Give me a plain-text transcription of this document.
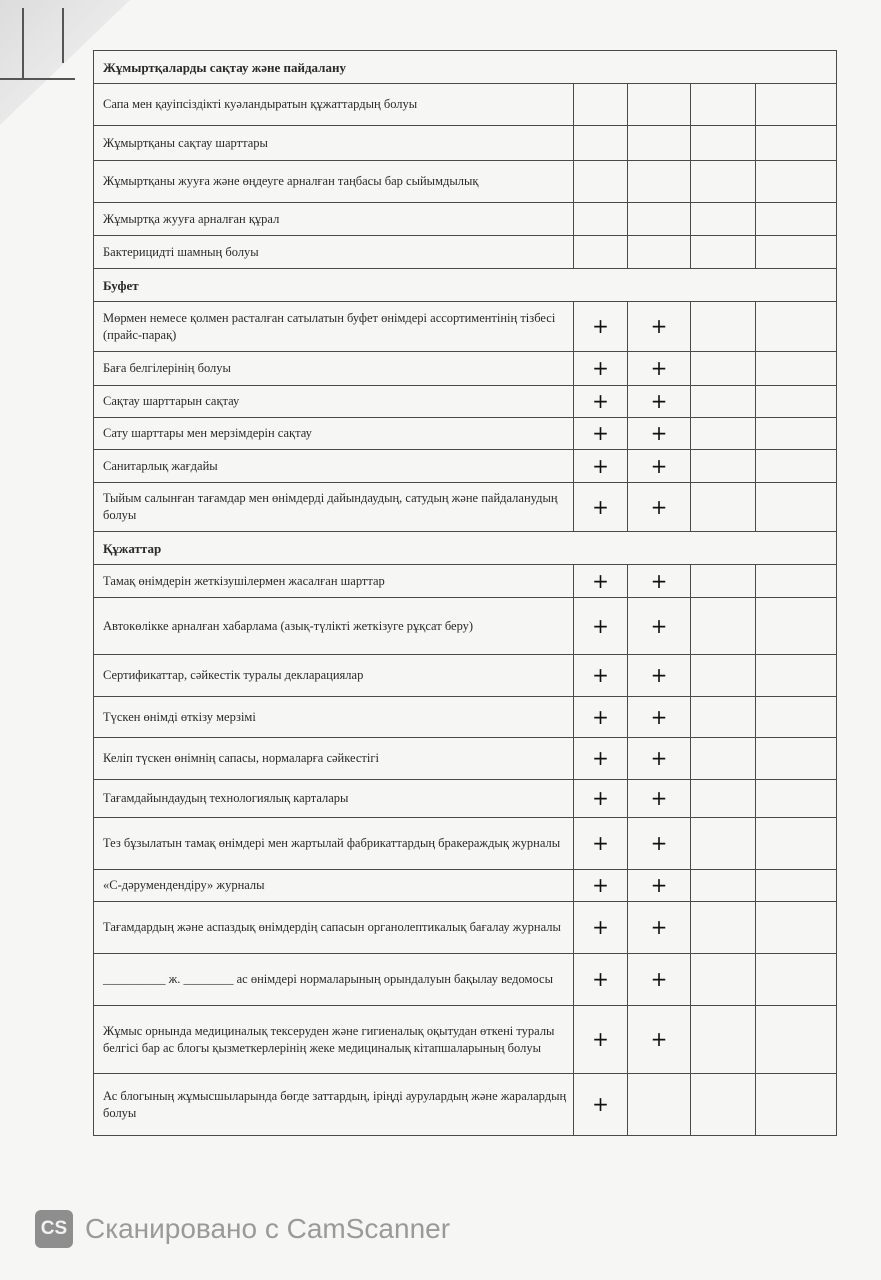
Жұмыртқаларды сақтау және пайдалану				
Сапа мен қауіпсіздікті куәландыратын құжаттардың болуы				
Жұмыртқаны сақтау шарттары				
Жұмыртқаны жууға және өңдеуге арналған таңбасы бар сыйымдылық				
Жұмыртқа жууға арналған құрал				
Бактерицидті шамның болуы				
Буфет				
Мөрмен немесе қолмен расталған сатылатын буфет өнімдері ассортиментінің тізбесі (прайс-парақ)	+	+		
Баға белгілерінің болуы	+	+		
Сақтау шарттарын сақтау	+	+		
Сату шарттары мен мерзімдерін сақтау	+	+		
Санитарлық жағдайы	+	+		
Тыйым салынған тағамдар мен өнімдерді дайындаудың, сатудың және пайдаланудың болуы	+	+		
Құжаттар				
Тамақ өнімдерін жеткізушілермен жасалған шарттар	+	+		
Автокөлікке арналған хабарлама (азық-түлікті жеткізуге рұқсат беру)	+	+		
Сертификаттар, сәйкестік туралы декларациялар	+	+		
Түскен өнімді өткізу мерзімі	+	+		
Келіп түскен өнімнің сапасы, нормаларға сәйкестігі	+	+		
Тағамдайындаудың технологиялық карталары	+	+		
Тез бұзылатын тамақ өнімдері мен жартылай фабрикаттардың бракераждық журналы	+	+		
«С-дәрумендендіру» журналы	+	+		
Тағамдардың және аспаздық өнімдердің сапасын органолептикалық бағалау журналы	+	+		
__________ ж. ________ ас өнімдері нормаларының орындалуын бақылау ведомосы	+	+		
Жұмыс орнында медициналық тексеруден және гигиеналық оқытудан өткені туралы белгісі бар ас блогы қызметкерлерінің жеке медициналық кітапшаларының болуы	+	+		
Ас блогының жұмысшыларында бөгде заттардың, іріңді аурулардың және жаралардың болуы	+			
CS Сканировано с CamScanner
